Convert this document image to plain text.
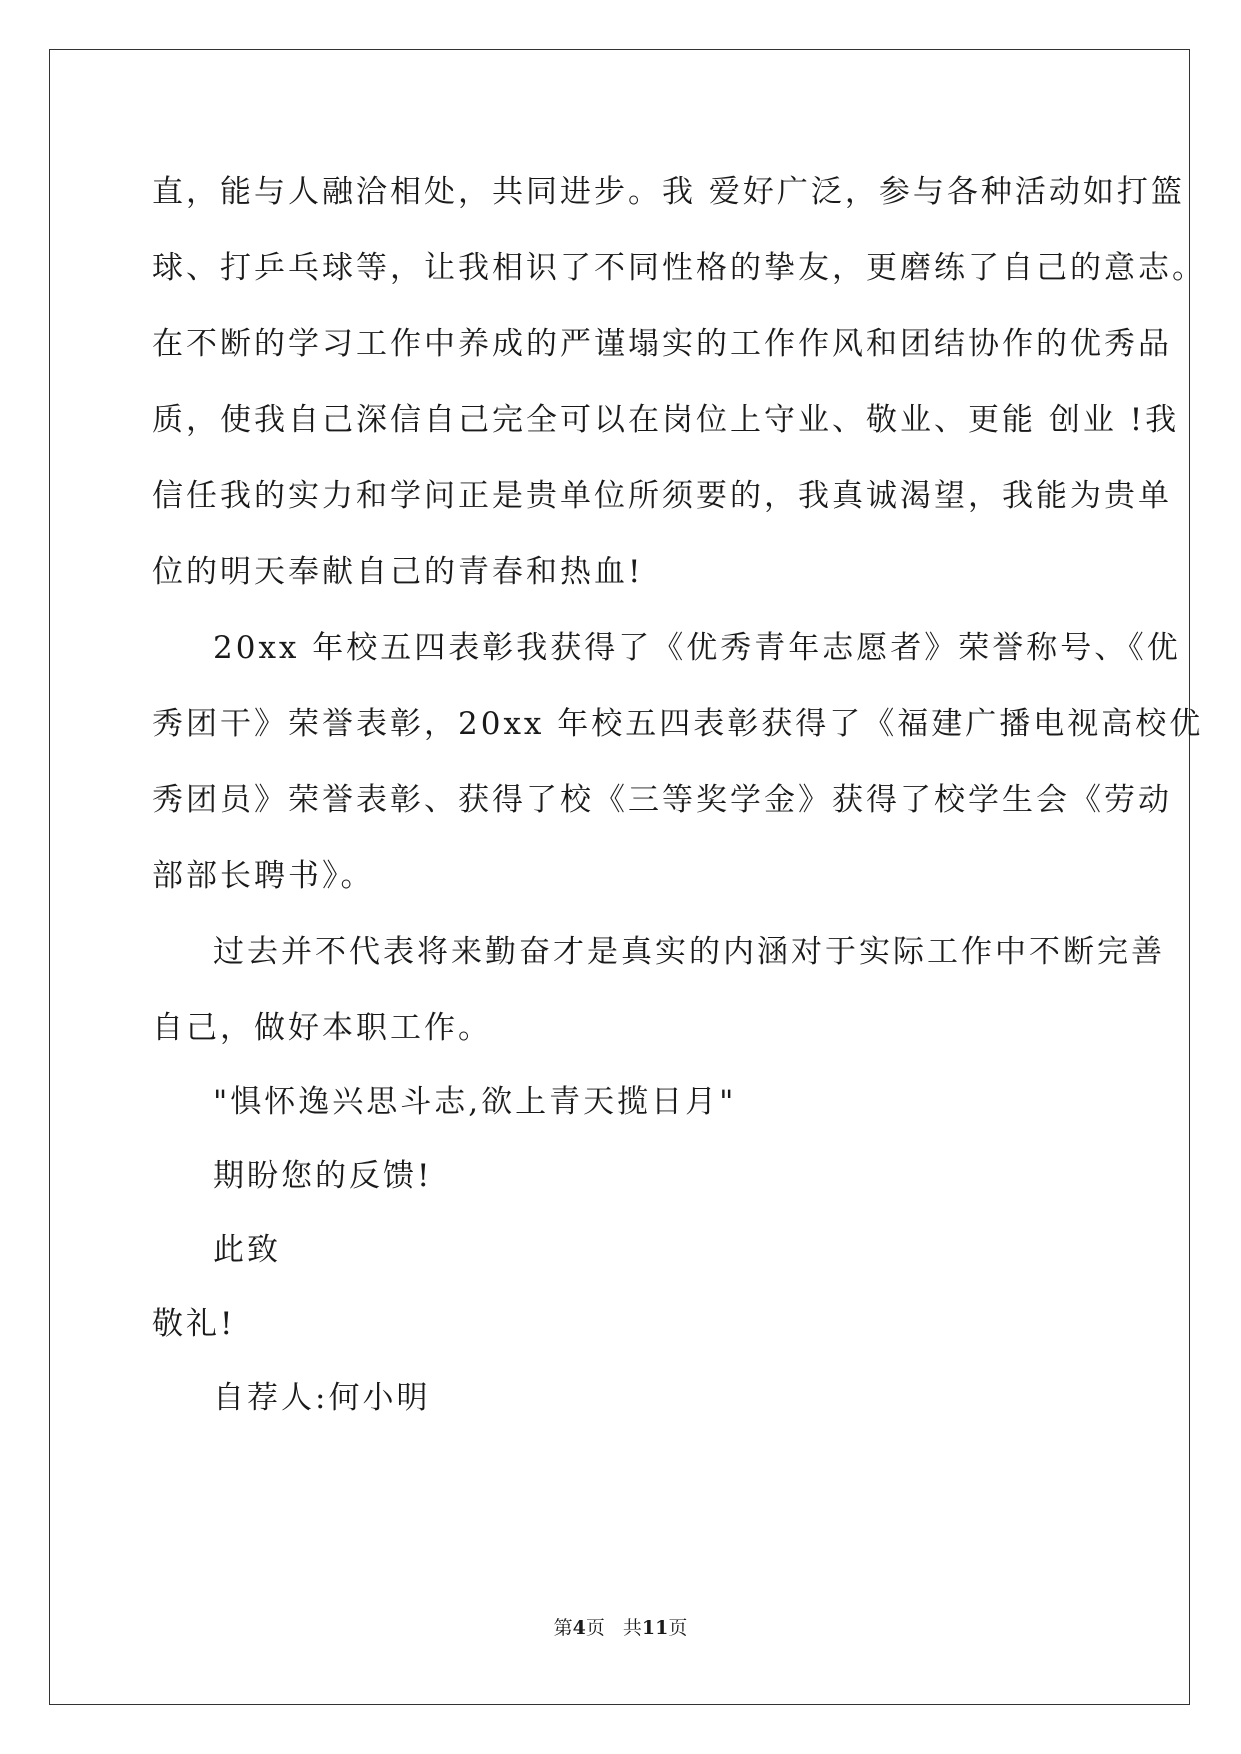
直，能与人融洽相处，共同进步。我 爱好广泛，参与各种活动如打篮
球、打乒乓球等，让我相识了不同性格的挚友，更磨练了自己的意志。
在不断的学习工作中养成的严谨塌实的工作作风和团结协作的优秀品
质，使我自己深信自己完全可以在岗位上守业、敬业、更能 创业 !我
信任我的实力和学问正是贵单位所须要的，我真诚渴望，我能为贵单
位的明天奉献自己的青春和热血!
20xx 年校五四表彰我获得了《优秀青年志愿者》荣誉称号、《优
秀团干》荣誉表彰，20xx 年校五四表彰获得了《福建广播电视高校优
秀团员》荣誉表彰、获得了校《三等奖学金》获得了校学生会《劳动
部部长聘书》。
过去并不代表将来勤奋才是真实的内涵对于实际工作中不断完善
自己，做好本职工作。
"惧怀逸兴思斗志,欲上青天揽日月"
期盼您的反馈!
此致
敬礼!
自荐人:何小明
第4页 共11页
